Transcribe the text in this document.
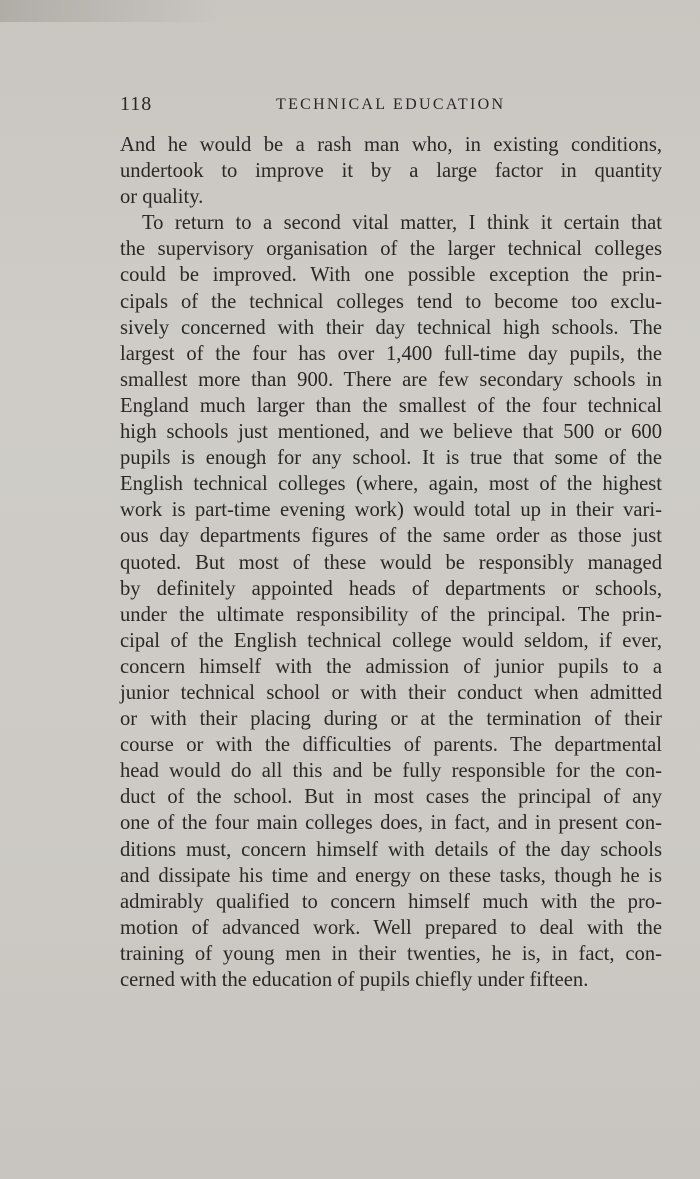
118	TECHNICAL EDUCATION
And he would be a rash man who, in existing conditions,
undertook to improve it by a large factor in quantity
or quality.
To return to a second vital matter, I think it certain that
the supervisory organisation of the larger technical colleges
could be improved. With one possible exception the prin-
cipals of the technical colleges tend to become too exclu-
sively concerned with their day technical high schools. The
largest of the four has over 1,400 full-time day pupils, the
smallest more than 900. There are few secondary schools in
England much larger than the smallest of the four technical
high schools just mentioned, and we believe that 500 or 600
pupils is enough for any school. It is true that some of the
English technical colleges (where, again, most of the highest
work is part-time evening work) would total up in their vari-
ous day departments figures of the same order as those just
quoted. But most of these would be responsibly managed
by definitely appointed heads of departments or schools,
under the ultimate responsibility of the principal. The prin-
cipal of the English technical college would seldom, if ever,
concern himself with the admission of junior pupils to a
junior technical school or with their conduct when admitted
or with their placing during or at the termination of their
course or with the difficulties of parents. The departmental
head would do all this and be fully responsible for the con-
duct of the school. But in most cases the principal of any
one of the four main colleges does, in fact, and in present con-
ditions must, concern himself with details of the day schools
and dissipate his time and energy on these tasks, though he is
admirably qualified to concern himself much with the pro-
motion of advanced work. Well prepared to deal with the
training of young men in their twenties, he is, in fact, con-
cerned with the education of pupils chiefly under fifteen.
